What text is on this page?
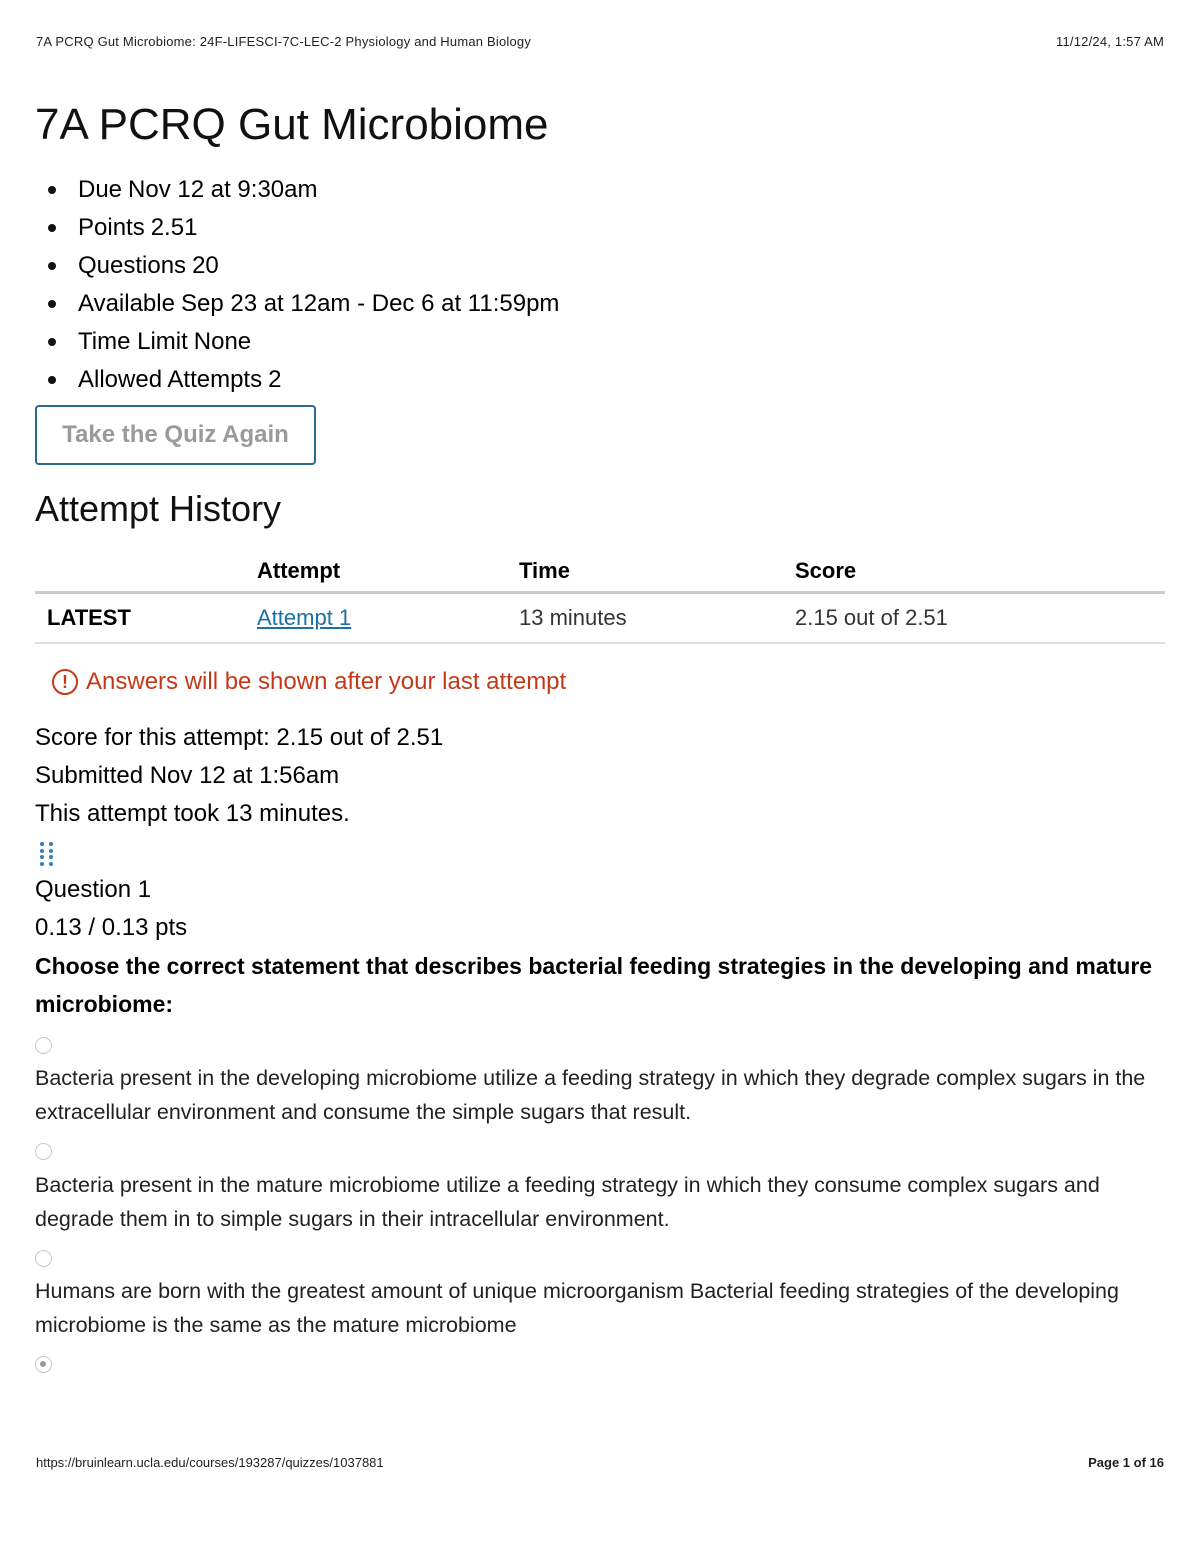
7A PCRQ Gut Microbiome: 24F-LIFESCI-7C-LEC-2 Physiology and Human Biology	11/12/24, 1:57 AM
7A PCRQ Gut Microbiome
Due Nov 12 at 9:30am
Points 2.51
Questions 20
Available Sep 23 at 12am - Dec 6 at 11:59pm
Time Limit None
Allowed Attempts 2
Take the Quiz Again
Attempt History
	Attempt	Time	Score
LATEST	Attempt 1	13 minutes	2.15 out of 2.51
! Answers will be shown after your last attempt

Score for this attempt: 2.15 out of 2.51

Submitted Nov 12 at 1:56am

This attempt took 13 minutes.

Question 1

0.13 / 0.13 pts

Choose the correct statement that describes bacterial feeding strategies in the developing and mature microbiome:

Bacteria present in the developing microbiome utilize a feeding strategy in which they degrade complex sugars in the extracellular environment and consume the simple sugars that result.

Bacteria present in the mature microbiome utilize a feeding strategy in which they consume complex sugars and degrade them in to simple sugars in their intracellular environment.

Humans are born with the greatest amount of unique microorganism Bacterial feeding strategies of the developing microbiome is the same as the mature microbiome

https://bruinlearn.ucla.edu/courses/193287/quizzes/1037881	Page 1 of 16
